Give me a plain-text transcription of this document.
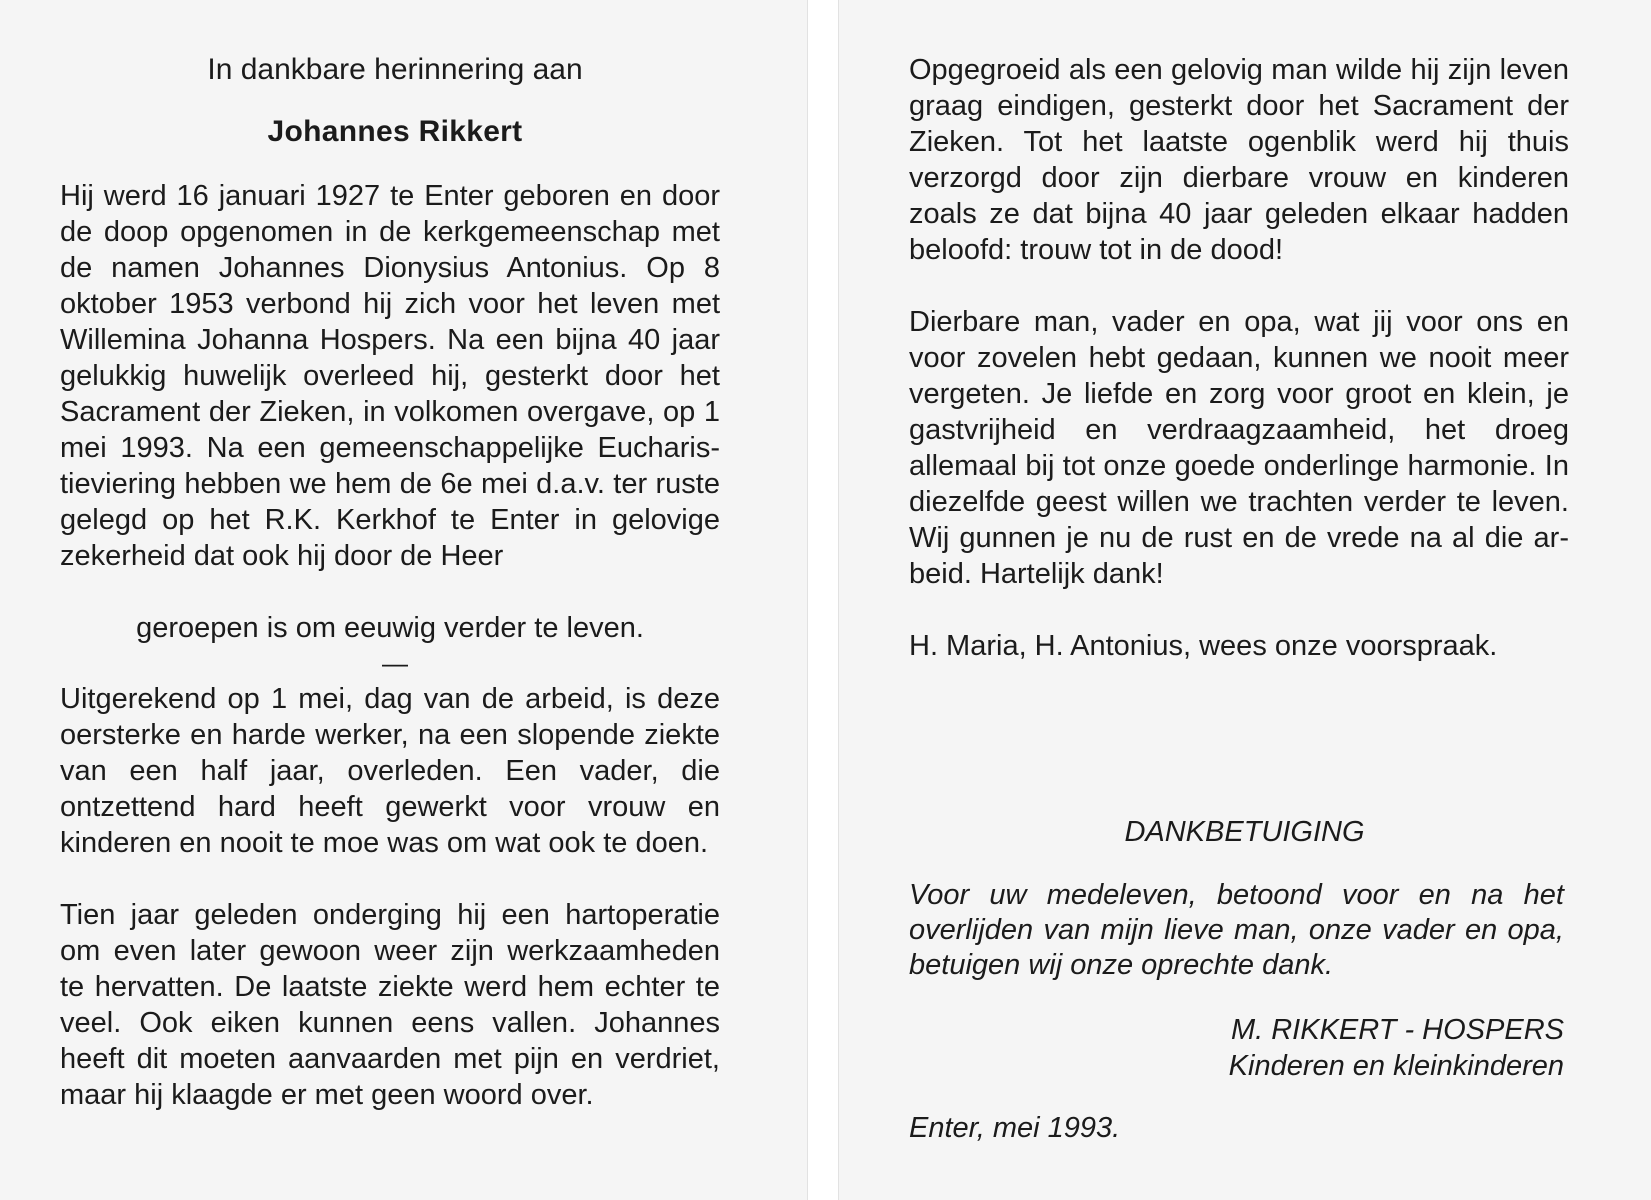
In dankbare herinnering aan

Johannes Rikkert

Hij werd 16 januari 1927 te Enter geboren en door de doop opgenomen in de kerkgemeenschap met de namen Johannes Dionysius Antonius. Op 8 oktober 1953 verbond hij zich voor het leven met Willemina Johanna Hospers. Na een bijna 40 jaar gelukkig huwelijk overleed hij, gesterkt door het Sacrament der Zieken, in volkomen overgave, op 1 mei 1993. Na een gemeenschappelijke Eucharistieviering hebben we hem de 6e mei d.a.v. ter ruste gelegd op het R.K. Kerkhof te Enter in gelovige zekerheid dat ook hij door de Heer

geroepen is om eeuwig verder te leven.

—

Uitgerekend op 1 mei, dag van de arbeid, is deze oersterke en harde werker, na een slopende ziekte van een half jaar, overleden. Een vader, die ontzettend hard heeft gewerkt voor vrouw en kinderen en nooit te moe was om wat ook te doen.

Tien jaar geleden onderging hij een hartoperatie om even later gewoon weer zijn werkzaamheden te hervatten. De laatste ziekte werd hem echter te veel. Ook eiken kunnen eens vallen. Johannes heeft dit moeten aanvaarden met pijn en verdriet, maar hij klaagde er met geen woord over.

Opgegroeid als een gelovig man wilde hij zijn leven graag eindigen, gesterkt door het Sacrament der Zieken. Tot het laatste ogenblik werd hij thuis verzorgd door zijn dierbare vrouw en kinderen zoals ze dat bijna 40 jaar geleden elkaar hadden beloofd: trouw tot in de dood!

Dierbare man, vader en opa, wat jij voor ons en voor zovelen hebt gedaan, kunnen we nooit meer vergeten. Je liefde en zorg voor groot en klein, je gastvrijheid en verdraagzaamheid, het droeg allemaal bij tot onze goede onderlinge harmonie. In diezelfde geest willen we trachten verder te leven. Wij gunnen je nu de rust en de vrede na al die arbeid. Hartelijk dank!

H. Maria, H. Antonius, wees onze voorspraak.

DANKBETUIGING

Voor uw medeleven, betoond voor en na het overlijden van mijn lieve man, onze vader en opa, betuigen wij onze oprechte dank.

M. RIKKERT - HOSPERS

Kinderen en kleinkinderen

Enter, mei 1993.
